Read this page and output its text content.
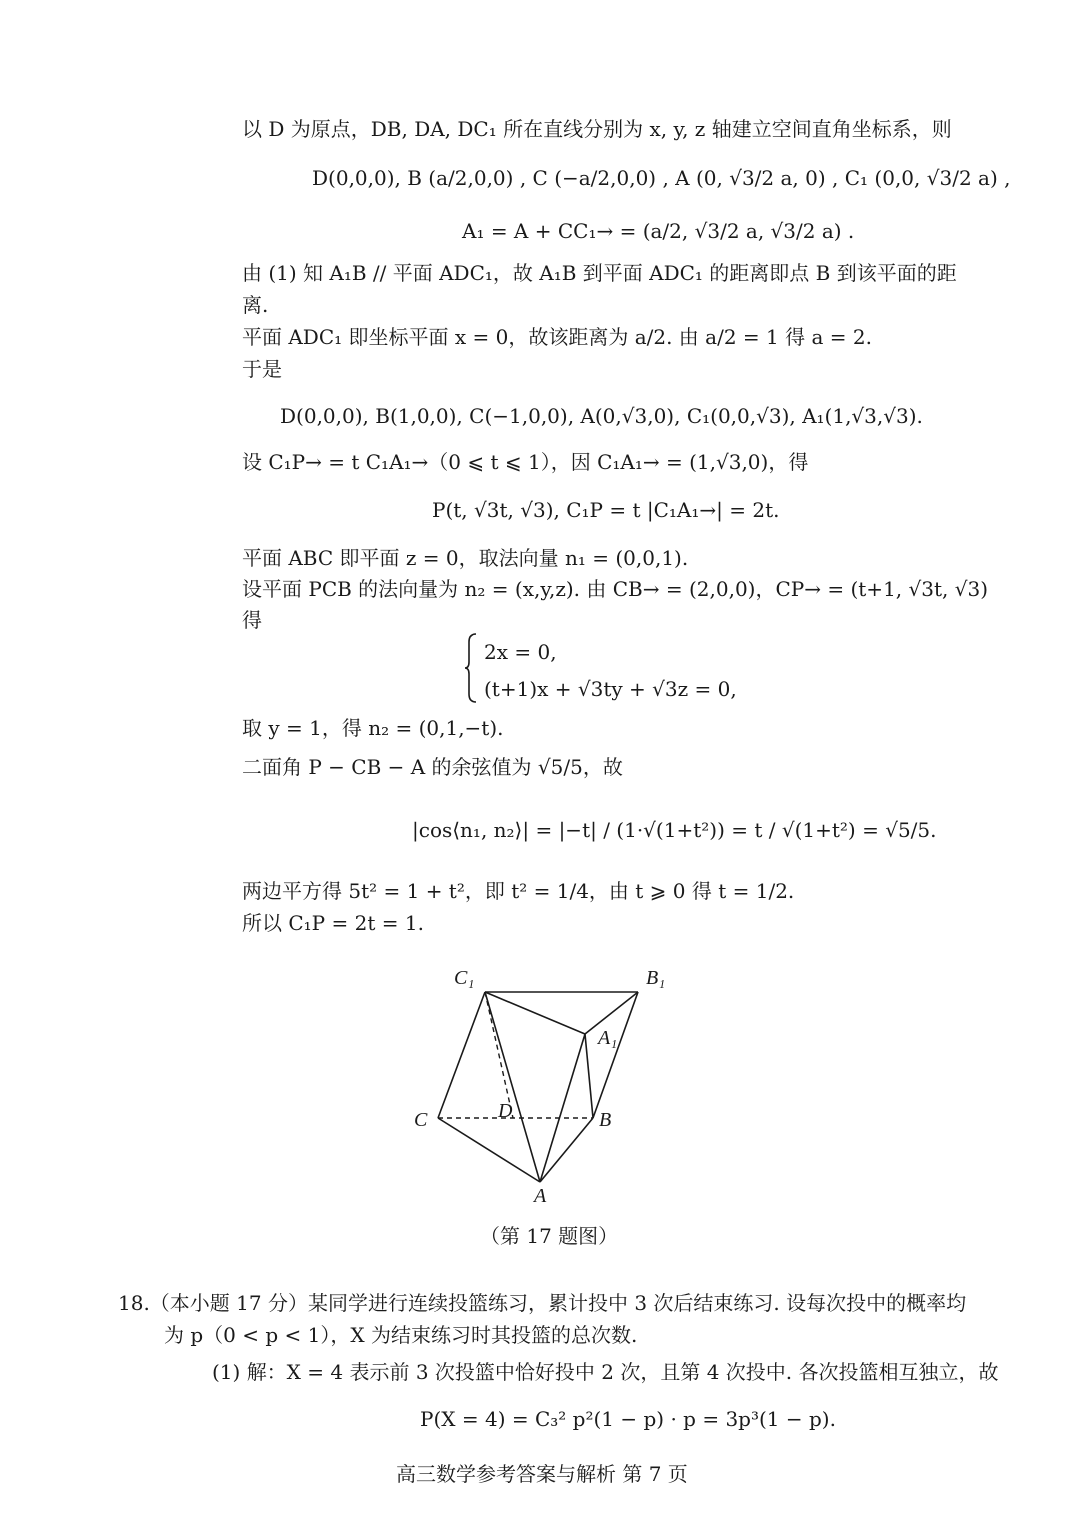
以 D 为原点，DB, DA, DC₁ 所在直线分别为 x, y, z 轴建立空间直角坐标系，则
D(0,0,0), B (a/2,0,0) , C (−a/2,0,0) , A (0, √3/2 a, 0) , C₁ (0,0, √3/2 a) ,
A₁ = A + CC₁→ = (a/2, √3/2 a, √3/2 a) .
由 (1) 知 A₁B // 平面 ADC₁，故 A₁B 到平面 ADC₁ 的距离即点 B 到该平面的距
离.
平面 ADC₁ 即坐标平面 x = 0，故该距离为 a/2. 由 a/2 = 1 得 a = 2.
于是
D(0,0,0), B(1,0,0), C(−1,0,0), A(0,√3,0), C₁(0,0,√3), A₁(1,√3,√3).
设 C₁P→ = t C₁A₁→（0 ⩽ t ⩽ 1），因 C₁A₁→ = (1,√3,0)，得
P(t, √3t, √3), C₁P = t |C₁A₁→| = 2t.
平面 ABC 即平面 z = 0，取法向量 n₁ = (0,0,1).
设平面 PCB 的法向量为 n₂ = (x,y,z). 由 CB→ = (2,0,0)，CP→ = (t+1, √3t, √3)
得
2x = 0,
(t+1)x + √3ty + √3z = 0,
取 y = 1，得 n₂ = (0,1,−t).
二面角 P − CB − A 的余弦值为 √5/5，故
|cos⟨n₁, n₂⟩| = |−t| / (1·√(1+t²)) = t / √(1+t²) = √5/5.
两边平方得 5t² = 1 + t²，即 t² = 1/4，由 t ⩾ 0 得 t = 1/2.
所以 C₁P = 2t = 1.
C₁	B₁
A₁
D
C	B
A
（第 17 题图）
18.（本小题 17 分）某同学进行连续投篮练习，累计投中 3 次后结束练习. 设每次投中的概率均
为 p（0 < p < 1），X 为结束练习时其投篮的总次数.
(1) 解：X = 4 表示前 3 次投篮中恰好投中 2 次，且第 4 次投中. 各次投篮相互独立，故
P(X = 4) = C₃² p²(1 − p) · p = 3p³(1 − p).
高三数学参考答案与解析 第 7 页
